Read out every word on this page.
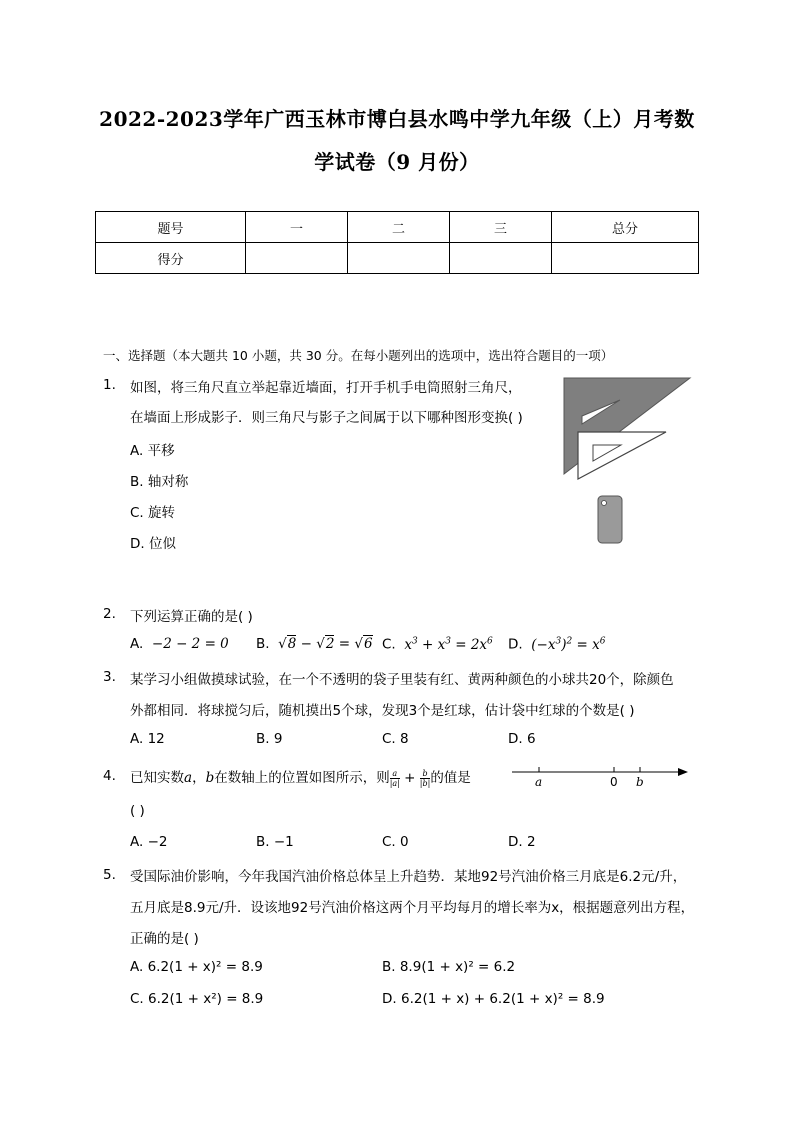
2022-2023学年广西玉林市博白县水鸣中学九年级（上）月考数
学试卷（9 月份）
题号	一	二	三	总分
得分				
一、选择题（本大题共 10 小题，共 30 分。在每小题列出的选项中，选出符合题目的一项）
1. 如图，将三角尺直立举起靠近墙面，打开手机手电筒照射三角尺，
在墙面上形成影子．则三角尺与影子之间属于以下哪种图形变换( )
A. 平移
B. 轴对称
C. 旋转
D. 位似
2. 下列运算正确的是( )
A. −2 − 2 = 0 B. √8 − √2 = √6 C. $x^3 + x^3 = 2x^6$ D. $(-x^3)^2 = x^6$
3. 某学习小组做摸球试验，在一个不透明的袋子里装有红、黄两种颜色的小球共20个，除颜色
外都相同．将球搅匀后，随机摸出5个球，发现3个是红球，估计袋中红球的个数是( )
A. 12	B. 9	C. 8	D. 6
4. 已知实数a，b在数轴上的位置如图所示，则 $\frac{a}{|a|} + \frac{b}{|b|}$ 的值是
( )
a	0 b
A. −2	B. −1	C. 0	D. 2
5. 受国际油价影响，今年我国汽油价格总体呈上升趋势．某地92号汽油价格三月底是6.2元/升，
五月底是8.9元/升．设该地92号汽油价格这两个月平均每月的增长率为x，根据题意列出方程，
正确的是( )
A. 6.2(1 + x)² = 8.9	B. 8.9(1 + x)² = 6.2
C. 6.2(1 + x²) = 8.9	D. 6.2(1 + x) + 6.2(1 + x)² = 8.9
